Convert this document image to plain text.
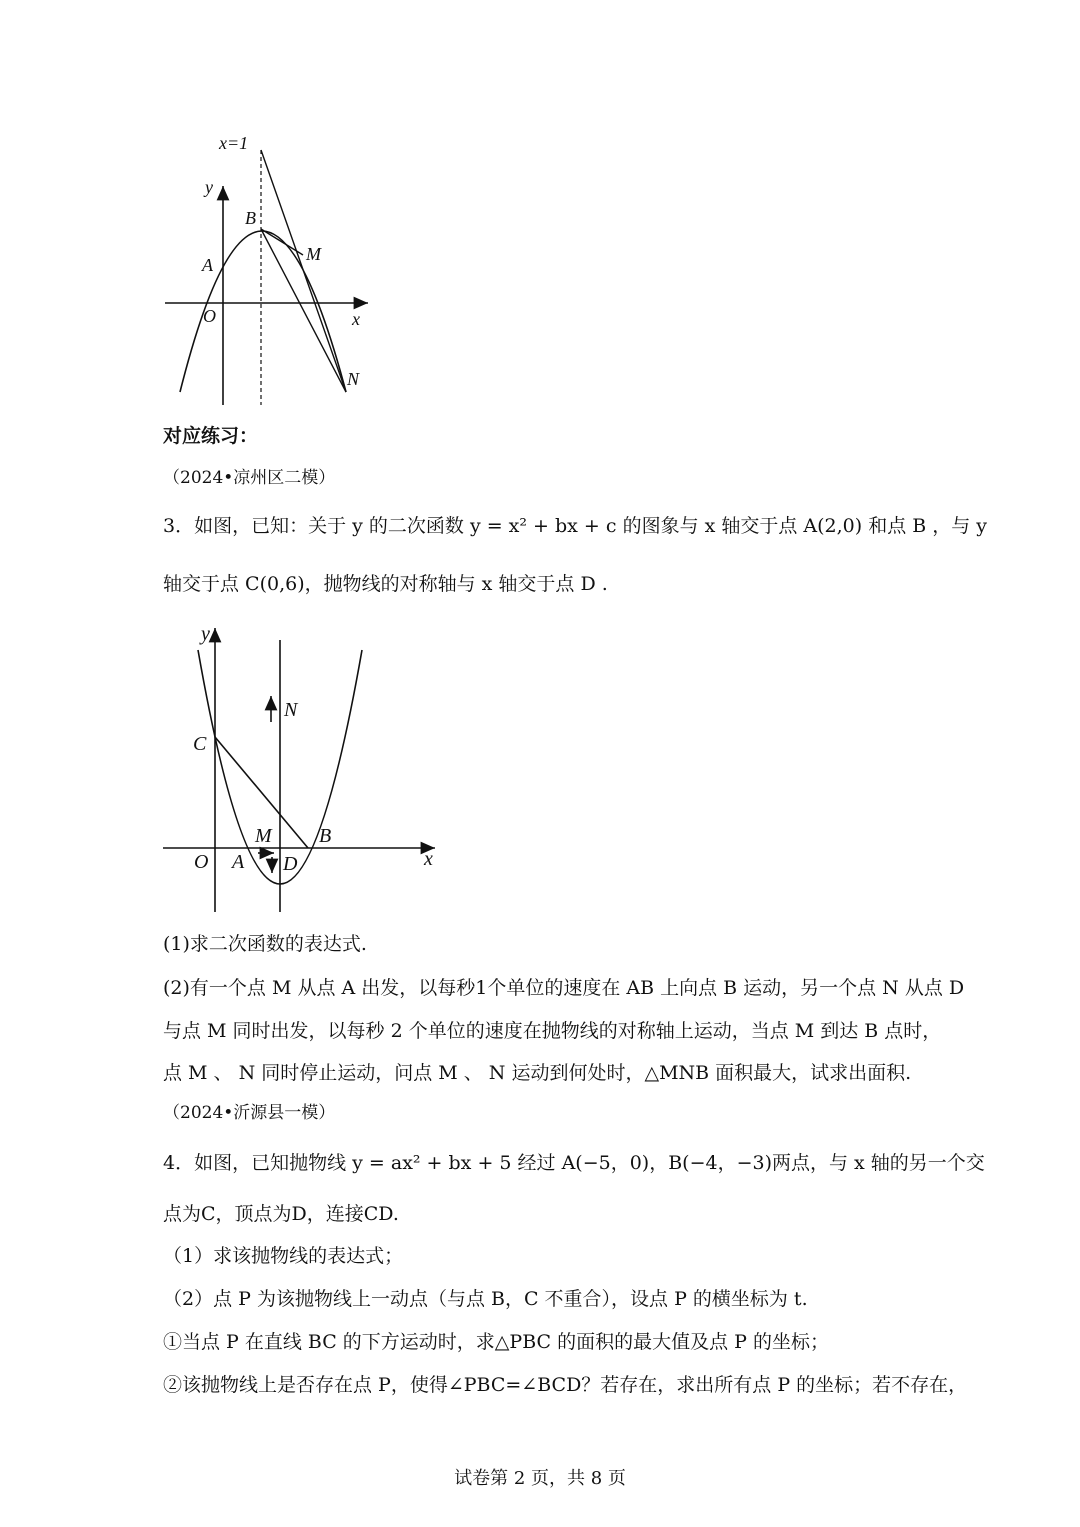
x=1
y
x
O
A
B
M
N
对应练习：
（2024•凉州区二模）
3．如图，已知：关于 y 的二次函数 y = x² + bx + c 的图象与 x 轴交于点 A(2,0) 和点 B ，与 y
轴交于点 C(0,6)，抛物线的对称轴与 x 轴交于点 D .
y
N
C
M B
O A D	x
(1)求二次函数的表达式.
(2)有一个点 M 从点 A 出发，以每秒1个单位的速度在 AB 上向点 B 运动，另一个点 N 从点 D
与点 M 同时出发，以每秒 2 个单位的速度在抛物线的对称轴上运动，当点 M 到达 B 点时，
点 M 、 N 同时停止运动，问点 M 、 N 运动到何处时，△MNB 面积最大，试求出面积.
（2024•沂源县一模）
4．如图，已知抛物线 y = ax² + bx + 5 经过 A(−5，0)，B(−4，−3)两点，与 x 轴的另一个交
点为C，顶点为D，连接CD.
（1）求该抛物线的表达式；
（2）点 P 为该抛物线上一动点（与点 B，C 不重合），设点 P 的横坐标为 t.
①当点 P 在直线 BC 的下方运动时，求△PBC 的面积的最大值及点 P 的坐标；
②该抛物线上是否存在点 P，使得∠PBC=∠BCD？若存在，求出所有点 P 的坐标；若不存在，
试卷第 2 页，共 8 页
